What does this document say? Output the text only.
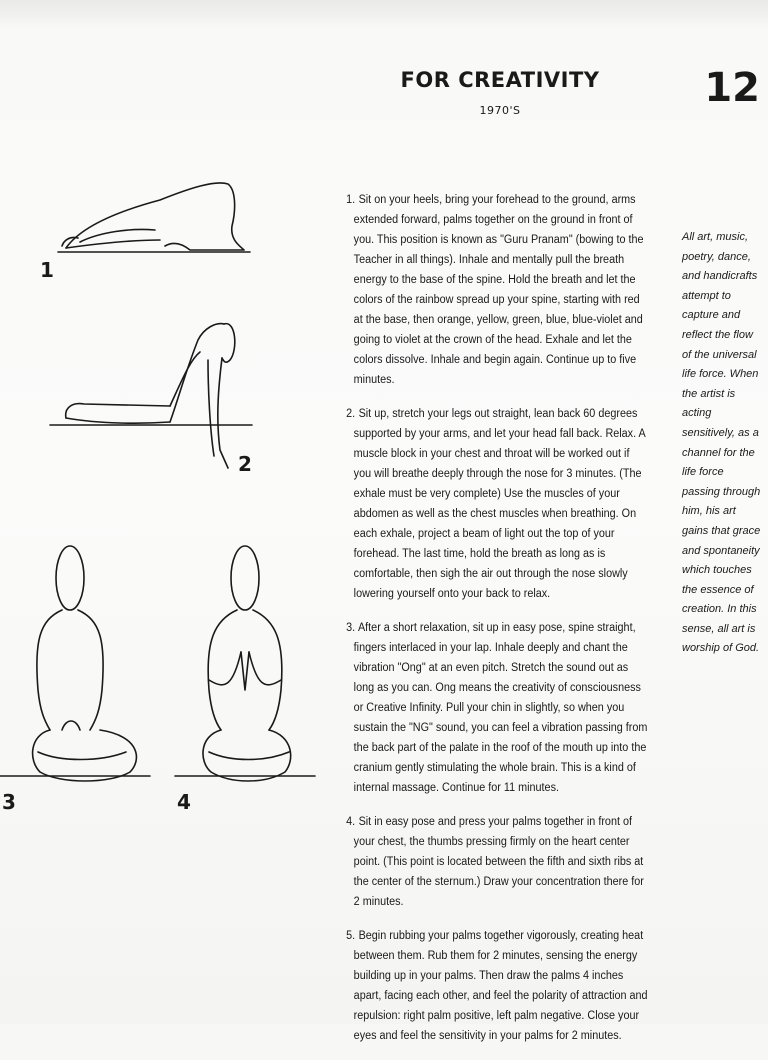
FOR CREATIVITY
1970'S	12
1
2
3	4

1. Sit on your heels, bring your forehead to the ground, arms extended forward, palms together on the ground in front of you. This position is known as "Guru Pranam" (bowing to the Teacher in all things). Inhale and mentally pull the breath energy to the base of the spine. Hold the breath and let the colors of the rainbow spread up your spine, starting with red at the base, then orange, yellow, green, blue, blue-violet and going to violet at the crown of the head. Exhale and let the colors dissolve. Inhale and begin again. Continue up to five minutes.

2. Sit up, stretch your legs out straight, lean back 60 degrees supported by your arms, and let your head fall back. Relax. A muscle block in your chest and throat will be worked out if you will breathe deeply through the nose for 3 minutes. (The exhale must be very complete) Use the muscles of your abdomen as well as the chest muscles when breathing. On each exhale, project a beam of light out the top of your forehead. The last time, hold the breath as long as is comfortable, then sigh the air out through the nose slowly lowering yourself onto your back to relax.

3. After a short relaxation, sit up in easy pose, spine straight, fingers interlaced in your lap. Inhale deeply and chant the vibration "Ong" at an even pitch. Stretch the sound out as long as you can. Ong means the creativity of consciousness or Creative Infinity. Pull your chin in slightly, so when you sustain the "NG" sound, you can feel a vibration passing from the back part of the palate in the roof of the mouth up into the cranium gently stimulating the whole brain. This is a kind of internal massage. Continue for 11 minutes.

4. Sit in easy pose and press your palms together in front of your chest, the thumbs pressing firmly on the heart center point. (This point is located between the fifth and sixth ribs at the center of the sternum.) Draw your concentration there for 2 minutes.

5. Begin rubbing your palms together vigorously, creating heat between them. Rub them for 2 minutes, sensing the energy building up in your palms. Then draw the palms 4 inches apart, facing each other, and feel the polarity of attraction and repulsion: right palm positive, left palm negative. Close your eyes and feel the sensitivity in your palms for 2 minutes.

All art, music, poetry, dance, and handicrafts attempt to capture and reflect the flow of the universal life force. When the artist is acting sensitively, as a channel for the life force passing through him, his art gains that grace and spontaneity which touches the essence of creation. In this sense, all art is worship of God.
